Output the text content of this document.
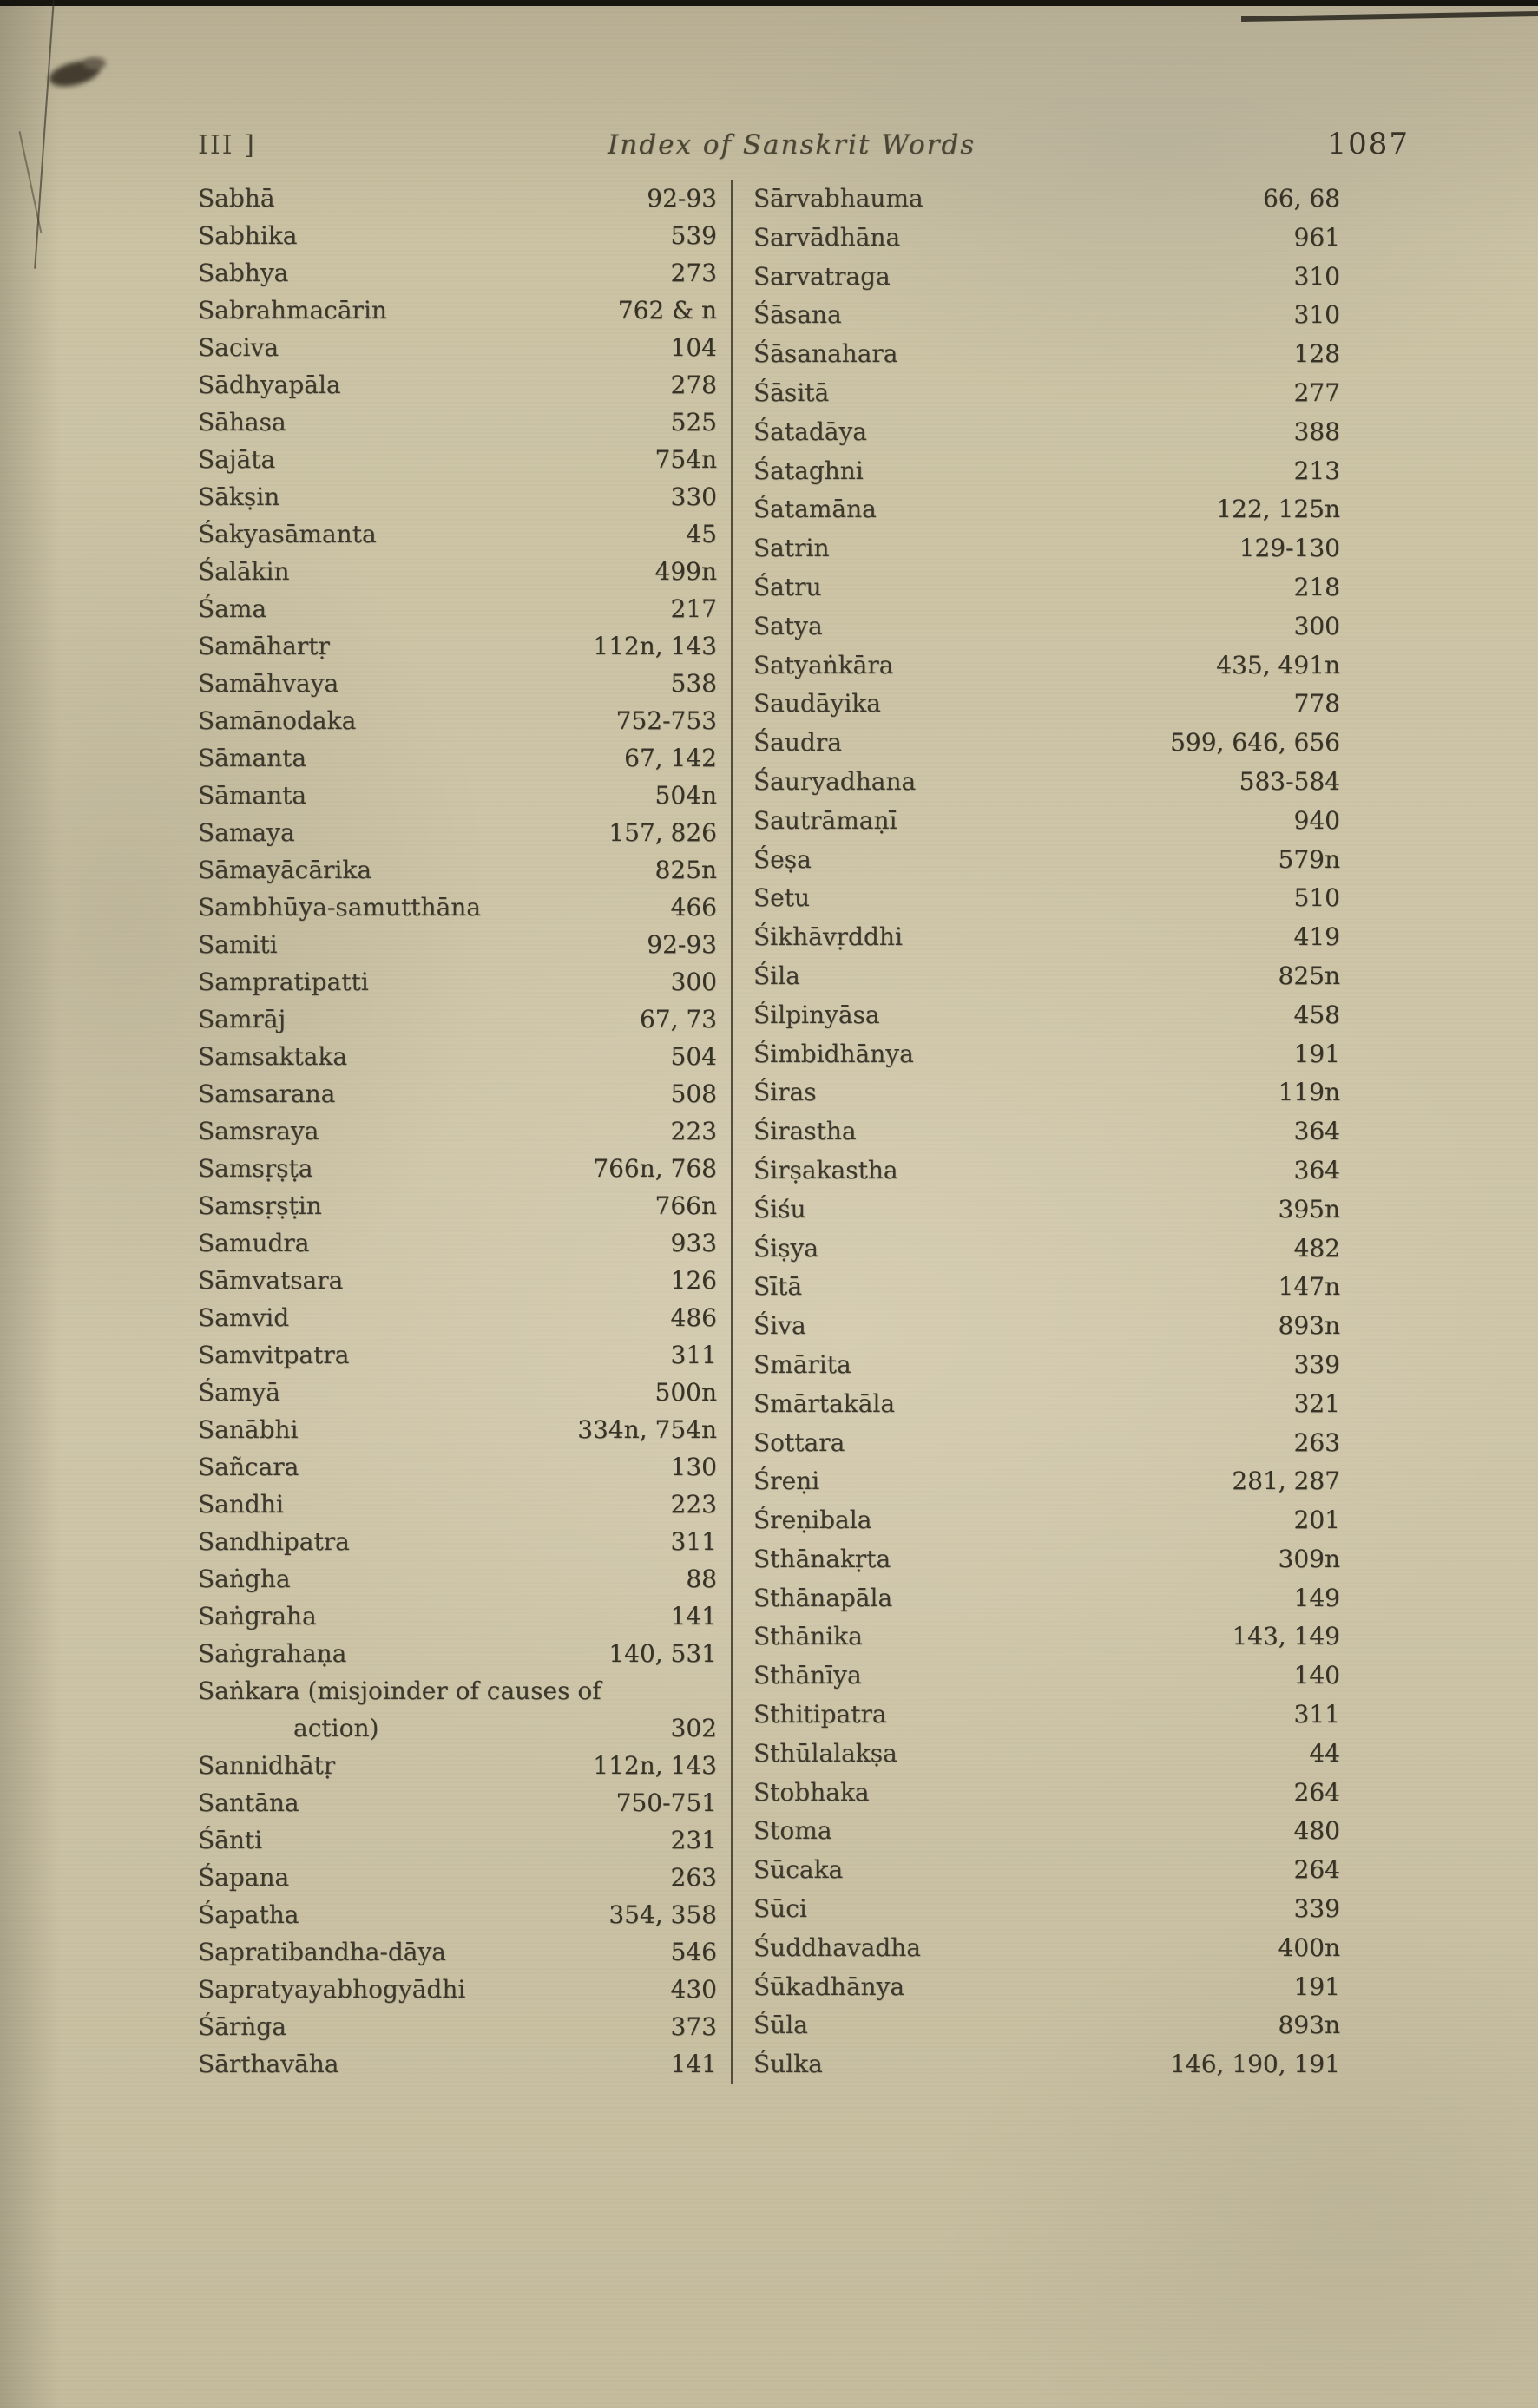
III ]	Index of Sanskrit Words	1087
Sabhā	92-93
Sabhika	539
Sabhya	273
Sabrahmacārin	762 & n
Saciva	104
Sādhyapāla	278
Sāhasa	525
Sajāta	754n
Sākṣin	330
Śakyasāmanta	45
Śalākin	499n
Śama	217
Samāhartṛ	112n, 143
Samāhvaya	538
Samānodaka	752-753
Sāmanta	67, 142
Sāmanta	504n
Samaya	157, 826
Sāmayācārika	825n
Sambhūya-samutthāna	466
Samiti	92-93
Sampratipatti	300
Samrāj	67, 73
Samsaktaka	504
Samsarana	508
Samsraya	223
Samsṛṣṭa	766n, 768
Samsṛṣṭin	766n
Samudra	933
Sāmvatsara	126
Samvid	486
Samvitpatra	311
Śamyā	500n
Sanābhi	334n, 754n
Sañcara	130
Sandhi	223
Sandhipatra	311
Saṅgha	88
Saṅgraha	141
Saṅgrahaṇa	140, 531
Saṅkara (misjoinder of causes of action)	302
Sannidhātṛ	112n, 143
Santāna	750-751
Śānti	231
Śapana	263
Śapatha	354, 358
Sapratibandha-dāya	546
Sapratyayabhogyādhi	430
Śārṅga	373
Sārthavāha	141
Sārvabhauma	66, 68
Sarvādhāna	961
Sarvatraga	310
Śāsana	310
Śāsanahara	128
Śāsitā	277
Śatadāya	388
Śataghni	213
Śatamāna	122, 125n
Satrin	129-130
Śatru	218
Satya	300
Satyaṅkāra	435, 491n
Saudāyika	778
Śaudra	599, 646, 656
Śauryadhana	583-584
Sautrāmaṇī	940
Śeṣa	579n
Setu	510
Śikhāvṛddhi	419
Śila	825n
Śilpinyāsa	458
Śimbidhānya	191
Śiras	119n
Śirastha	364
Śirṣakastha	364
Śiśu	395n
Śiṣya	482
Sītā	147n
Śiva	893n
Smārita	339
Smārtakāla	321
Sottara	263
Śreṇi	281, 287
Śreṇibala	201
Sthānakṛta	309n
Sthānapāla	149
Sthānika	143, 149
Sthānīya	140
Sthitipatra	311
Sthūlalakṣa	44
Stobhaka	264
Stoma	480
Sūcaka	264
Sūci	339
Śuddhavadha	400n
Śūkadhānya	191
Śūla	893n
Śulka	146, 190, 191
